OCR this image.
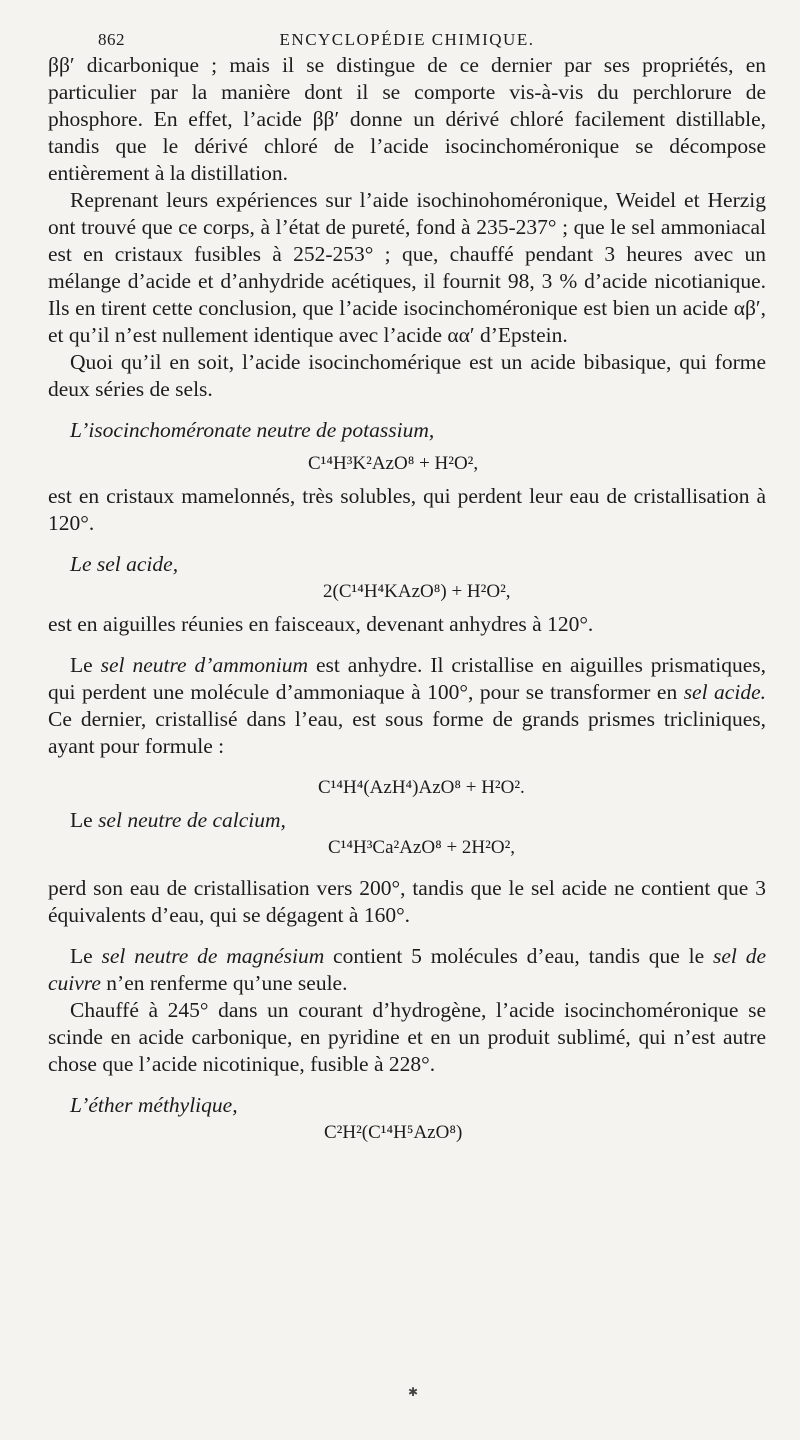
862	ENCYCLOPÉDIE CHIMIQUE.

ββ′ dicarbonique ; mais il se distingue de ce dernier par ses propriétés, en particulier par la manière dont il se comporte vis-à-vis du perchlorure de phosphore. En effet, l’acide ββ′ donne un dérivé chloré facilement distillable, tandis que le dérivé chloré de l’acide isocinchoméronique se décompose entièrement à la distillation.

Reprenant leurs expériences sur l’aide isochinohoméronique, Weidel et Herzig ont trouvé que ce corps, à l’état de pureté, fond à 235-237° ; que le sel ammoniacal est en cristaux fusibles à 252-253° ; que, chauffé pendant 3 heures avec un mélange d’acide et d’anhydride acétiques, il fournit 98, 3 % d’acide nicotianique. Ils en tirent cette conclusion, que l’acide isocinchoméronique est bien un acide αβ′, et qu’il n’est nullement identique avec l’acide αα′ d’Epstein.

Quoi qu’il en soit, l’acide isocinchomérique est un acide bibasique, qui forme deux séries de sels.

L’isocinchoméronate neutre de potassium,

C¹⁴H³K²AzO⁸ + H²O²,

est en cristaux mamelonnés, très solubles, qui perdent leur eau de cristallisation à 120°.

Le sel acide,

2(C¹⁴H⁴KAzO⁸) + H²O²,

est en aiguilles réunies en faisceaux, devenant anhydres à 120°.

Le sel neutre d’ammonium est anhydre. Il cristallise en aiguilles prismatiques, qui perdent une molécule d’ammoniaque à 100°, pour se transformer en sel acide. Ce dernier, cristallisé dans l’eau, est sous forme de grands prismes tricliniques, ayant pour formule :

C¹⁴H⁴(AzH⁴)AzO⁸ + H²O².

Le sel neutre de calcium,

C¹⁴H³Ca²AzO⁸ + 2H²O²,

perd son eau de cristallisation vers 200°, tandis que le sel acide ne contient que 3 équivalents d’eau, qui se dégagent à 160°.

Le sel neutre de magnésium contient 5 molécules d’eau, tandis que le sel de cuivre n’en renferme qu’une seule.

Chauffé à 245° dans un courant d’hydrogène, l’acide isocinchoméronique se scinde en acide carbonique, en pyridine et en un produit sublimé, qui n’est autre chose que l’acide nicotinique, fusible à 228°.

L’éther méthylique,

C²H²(C¹⁴H⁵AzO⁸)
✱
